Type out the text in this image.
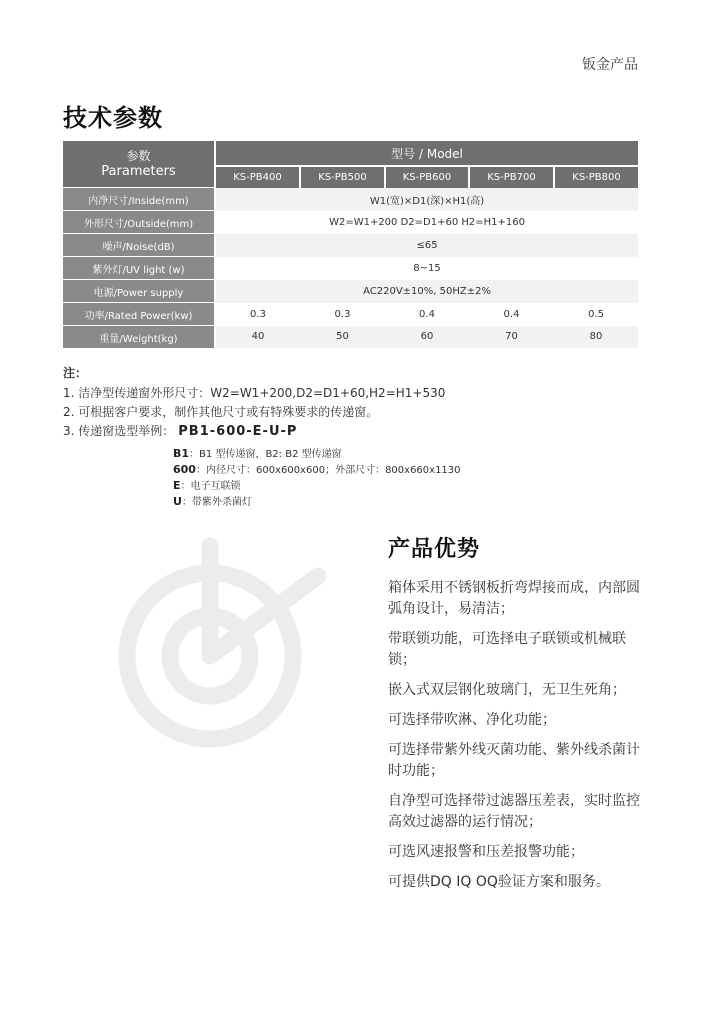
钣金产品
技术参数
参数
Parameters	型号 / Model				
	KS-PB400	KS-PB500	KS-PB600	KS-PB700	KS-PB800
内净尺寸/Inside(mm)	W1(宽)×D1(深)×H1(高)				
外形尺寸/Outside(mm)	W2=W1+200 D2=D1+60 H2=H1+160				
噪声/Noise(dB)	≤65				
紫外灯/UV light (w)	8~15				
电源/Power supply	AC220V±10%, 50HZ±2%				
功率/Rated Power(kw)	0.3	0.3	0.4	0.4	0.5
重量/Weight(kg)	40	50	60	70	80
注：
1. 洁净型传递窗外形尺寸：W2=W1+200,D2=D1+60,H2=H1+530
2. 可根据客户要求，制作其他尺寸或有特殊要求的传递窗。
3. 传递窗选型举例： PB1-600-E-U-P
B1：B1 型传递窗，B2: B2 型传递窗
600：内径尺寸：600x600x600；外部尺寸：800x660x1130
E：电子互联锁
U：带紫外杀菌灯
产品优势

箱体采用不锈钢板折弯焊接而成，内部圆弧角设计，易清洁；

带联锁功能，可选择电子联锁或机械联锁；

嵌入式双层钢化玻璃门，无卫生死角；

可选择带吹淋、净化功能；

可选择带紫外线灭菌功能、紫外线杀菌计时功能；

自净型可选择带过滤器压差表，实时监控高效过滤器的运行情况；

可选风速报警和压差报警功能；

可提供DQ IQ OQ验证方案和服务。
